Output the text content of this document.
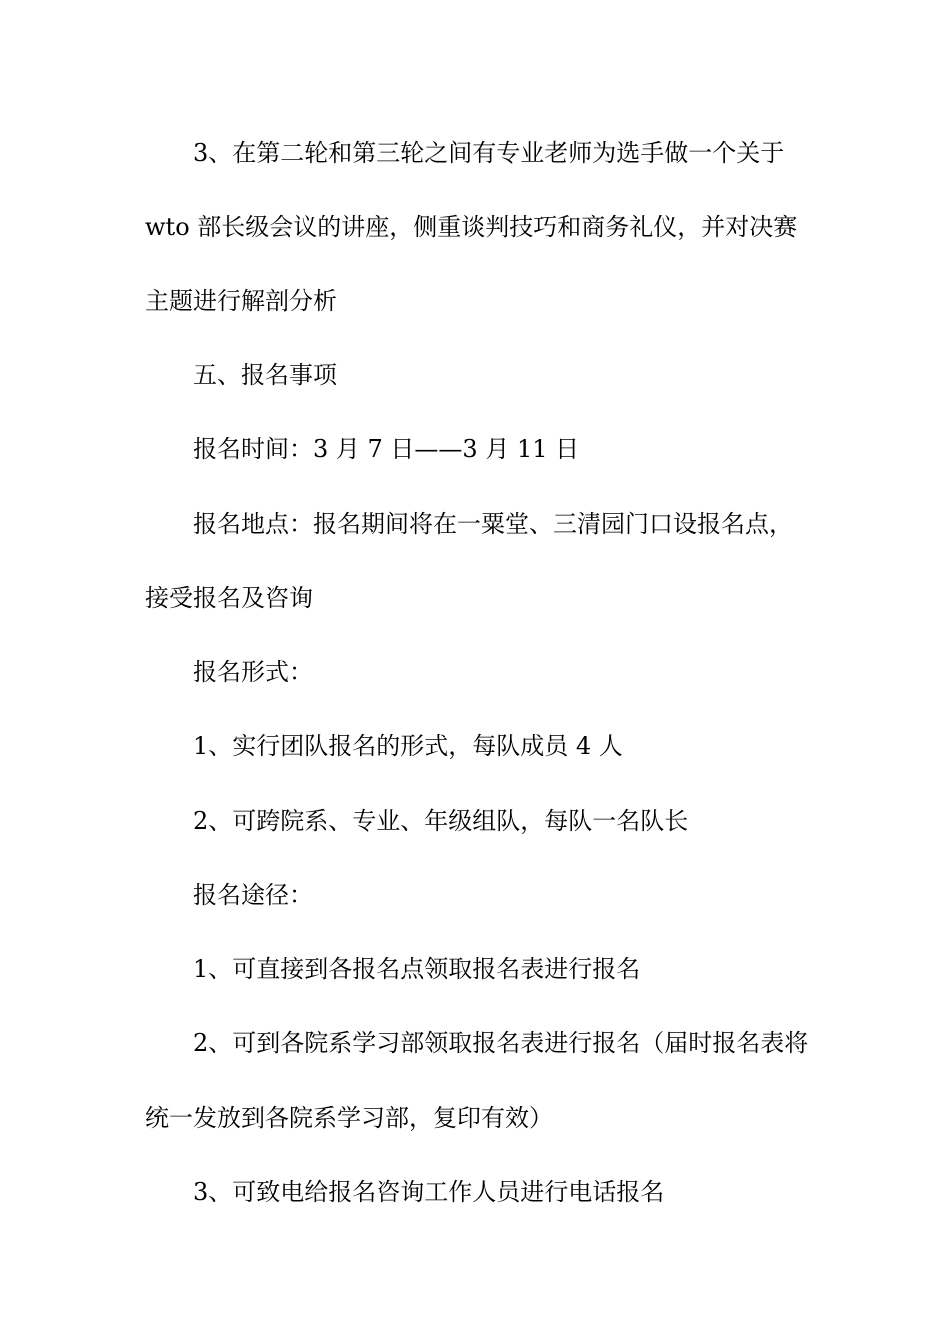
3、在第二轮和第三轮之间有专业老师为选手做一个关于
wto 部长级会议的讲座，侧重谈判技巧和商务礼仪，并对决赛
主题进行解剖分析
五、报名事项
报名时间：3 月 7 日——3 月 11 日
报名地点：报名期间将在一粟堂、三清园门口设报名点，
接受报名及咨询
报名形式：
1、实行团队报名的形式，每队成员 4 人
2、可跨院系、专业、年级组队，每队一名队长
报名途径：
1、可直接到各报名点领取报名表进行报名
2、可到各院系学习部领取报名表进行报名（届时报名表将
统一发放到各院系学习部，复印有效）
3、可致电给报名咨询工作人员进行电话报名
